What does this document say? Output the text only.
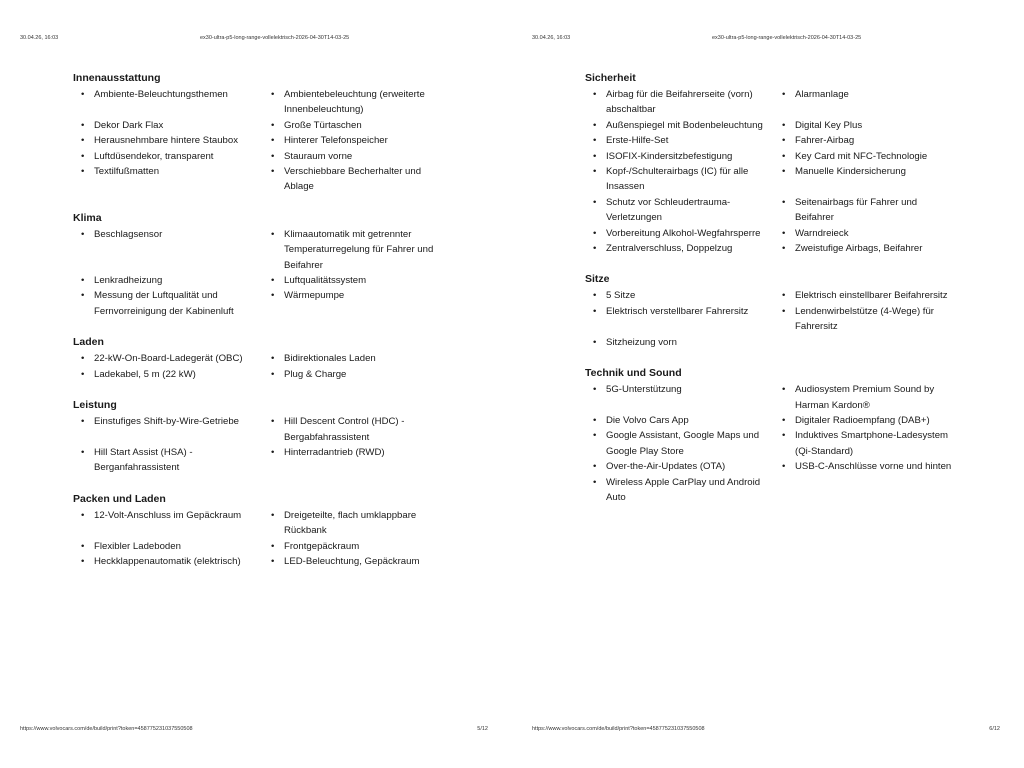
30.04.26, 16:03	ex30-ultra-p5-long-range-vollelektrisch-2026-04-30T14-03-25
Innenausstattung
• Ambiente-Beleuchtungsthemen	• Ambientebeleuchtung (erweiterte Innenbeleuchtung)
• Dekor Dark Flax	• Große Türtaschen
• Herausnehmbare hintere Staubox	• Hinterer Telefonspeicher
• Luftdüsendekor, transparent	• Stauraum vorne
• Textilfußmatten	• Verschiebbare Becherhalter und Ablage
Klima
• Beschlagsensor	• Klimaautomatik mit getrennter Temperaturregelung für Fahrer und Beifahrer
• Lenkradheizung	• Luftqualitätssystem
• Messung der Luftqualität und Fernvorreinigung der Kabinenluft
• Wärmepumpe
Laden
• 22-kW-On-Board-Ladegerät (OBC)	• Bidirektionales Laden
• Ladekabel, 5 m (22 kW)	• Plug & Charge
Leistung
• Einstufiges Shift-by-Wire-Getriebe	• Hill Descent Control (HDC) - Bergabfahrassistent
• Hill Start Assist (HSA) - Berganfahrassistent
• Hinterradantrieb (RWD)
Packen und Laden
• 12-Volt-Anschluss im Gepäckraum	• Dreigeteilte, flach umklappbare Rückbank
• Flexibler Ladeboden	• Frontgepäckraum
• Heckklappenautomatik (elektrisch)	• LED-Beleuchtung, Gepäckraum
https://www.volvocars.com/de/build/print?token=458775231037550508	5/12
30.04.26, 16:03	ex30-ultra-p5-long-range-vollelektrisch-2026-04-30T14-03-25
Sicherheit
• Airbag für die Beifahrerseite (vorn) abschaltbar
• Alarmanlage
• Außenspiegel mit Bodenbeleuchtung	• Digital Key Plus
• Erste-Hilfe-Set	• Fahrer-Airbag
• ISOFIX-Kindersitzbefestigung	• Key Card mit NFC-Technologie
• Kopf-/Schulterairbags (IC) für alle Insassen
• Manuelle Kindersicherung
• Schutz vor Schleudertrauma-Verletzungen
• Seitenairbags für Fahrer und Beifahrer
• Vorbereitung Alkohol-Wegfahrsperre	• Warndreieck
• Zentralverschluss, Doppelzug	• Zweistufige Airbags, Beifahrer
Sitze
• 5 Sitze	• Elektrisch einstellbarer Beifahrersitz
• Elektrisch verstellbarer Fahrersitz	• Lendenwirbelstütze (4-Wege) für Fahrersitz
• Sitzheizung vorn
Technik und Sound
• 5G-Unterstützung	• Audiosystem Premium Sound by Harman Kardon®
• Die Volvo Cars App	• Digitaler Radioempfang (DAB+)
• Google Assistant, Google Maps und Google Play Store
• Induktives Smartphone-Ladesystem (Qi-Standard)
• Over-the-Air-Updates (OTA)	• USB-C-Anschlüsse vorne und hinten
• Wireless Apple CarPlay und Android Auto
https://www.volvocars.com/de/build/print?token=458775231037550508	6/12
